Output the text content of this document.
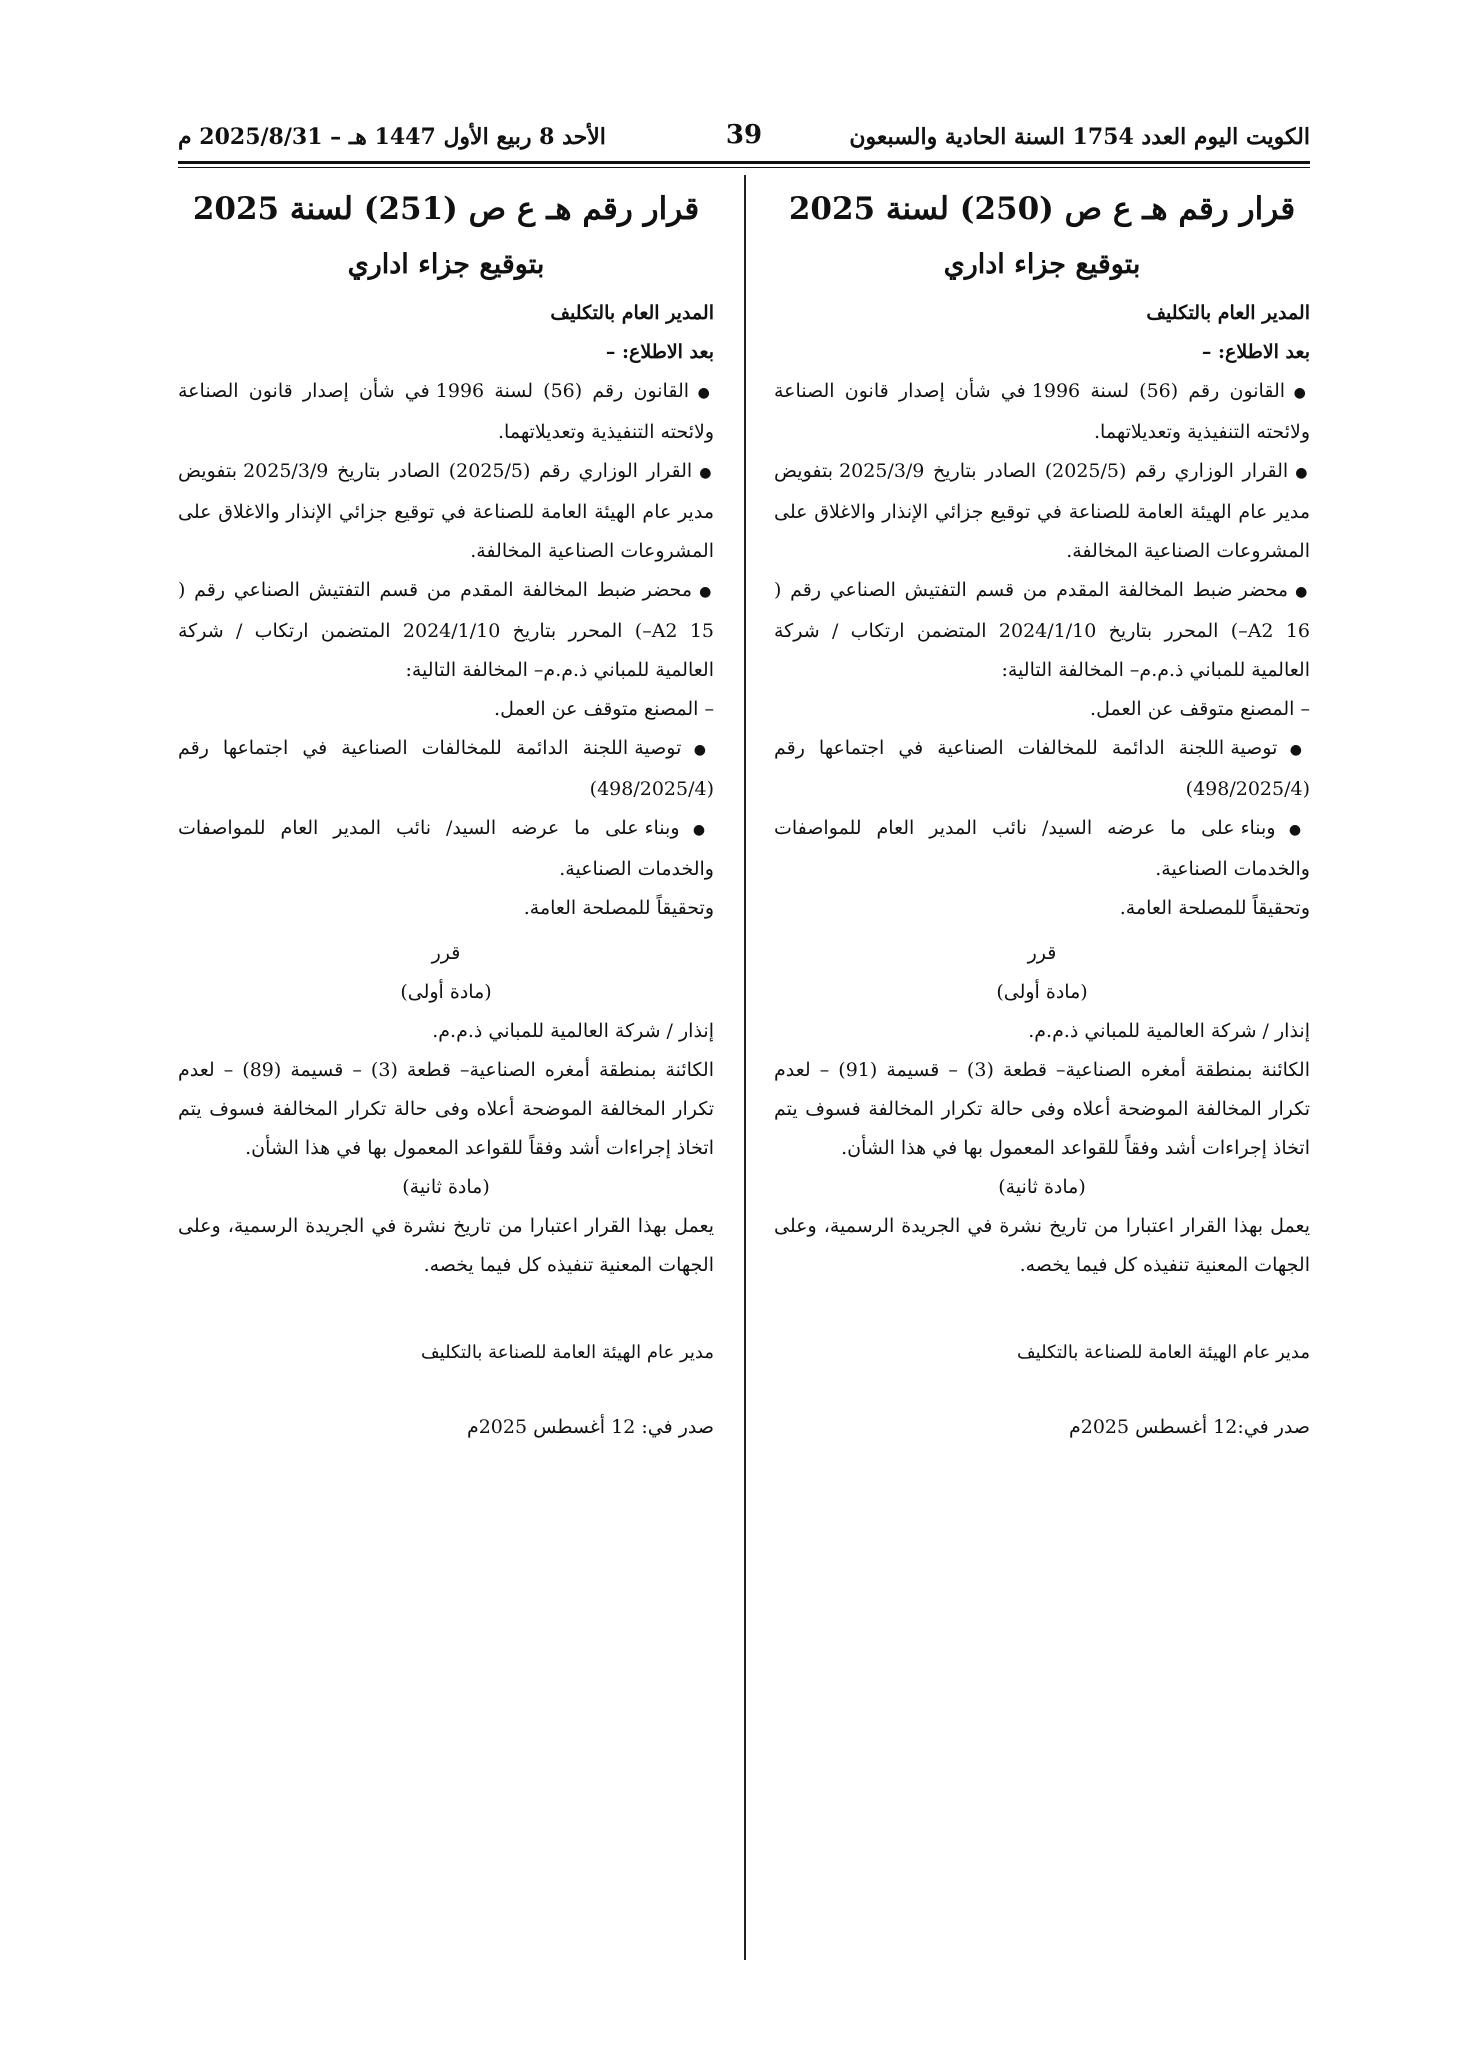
الكويت اليوم العدد 1754 السنة الحادية والسبعون
39
الأحد 8 ربيع الأول 1447 هـ – 2025/8/31 م
قرار رقم هـ ع ص (250) لسنة 2025
بتوقيع جزاء اداري

المدير العام بالتكليف

بعد الاطلاع: –

● القانون رقم (56) لسنة 1996 في شأن إصدار قانون الصناعة ولائحته التنفيذية وتعديلاتهما.

● القرار الوزاري رقم (2025/5) الصادر بتاريخ 2025/3/9 بتفويض مدير عام الهيئة العامة للصناعة في توقيع جزائي الإنذار والاغلاق على المشروعات الصناعية المخالفة.

● محضر ضبط المخالفة المقدم من قسم التفتيش الصناعي رقم ( A2 16–) المحرر بتاريخ 2024/1/10 المتضمن ارتكاب / شركة العالمية للمباني ذ.م.م– المخالفة التالية:

– المصنع متوقف عن العمل.

● توصية اللجنة الدائمة للمخالفات الصناعية في اجتماعها رقم (498/2025/4)

● وبناء على ما عرضه السيد/ نائب المدير العام للمواصفات والخدمات الصناعية.

وتحقيقاً للمصلحة العامة.

قرر

(مادة أولى)

إنذار / شركة العالمية للمباني ذ.م.م.

الكائنة بمنطقة أمغره الصناعية– قطعة (3) – قسيمة (91) – لعدم تكرار المخالفة الموضحة أعلاه وفى حالة تكرار المخالفة فسوف يتم اتخاذ إجراءات أشد وفقاً للقواعد المعمول بها في هذا الشأن.

(مادة ثانية)

يعمل بهذا القرار اعتبارا من تاريخ نشرة في الجريدة الرسمية، وعلى الجهات المعنية تنفيذه كل فيما يخصه.

مدير عام الهيئة العامة للصناعة بالتكليف

صدر في:12 أغسطس 2025م

قرار رقم هـ ع ص (251) لسنة 2025
بتوقيع جزاء اداري

المدير العام بالتكليف

بعد الاطلاع: –

● القانون رقم (56) لسنة 1996 في شأن إصدار قانون الصناعة ولائحته التنفيذية وتعديلاتهما.

● القرار الوزاري رقم (2025/5) الصادر بتاريخ 2025/3/9 بتفويض مدير عام الهيئة العامة للصناعة في توقيع جزائي الإنذار والاغلاق على المشروعات الصناعية المخالفة.

● محضر ضبط المخالفة المقدم من قسم التفتيش الصناعي رقم ( A2 15–) المحرر بتاريخ 2024/1/10 المتضمن ارتكاب / شركة العالمية للمباني ذ.م.م– المخالفة التالية:

– المصنع متوقف عن العمل.

● توصية اللجنة الدائمة للمخالفات الصناعية في اجتماعها رقم (498/2025/4)

● وبناء على ما عرضه السيد/ نائب المدير العام للمواصفات والخدمات الصناعية.

وتحقيقاً للمصلحة العامة.

قرر

(مادة أولى)

إنذار / شركة العالمية للمباني ذ.م.م.

الكائنة بمنطقة أمغره الصناعية– قطعة (3) – قسيمة (89) – لعدم تكرار المخالفة الموضحة أعلاه وفى حالة تكرار المخالفة فسوف يتم اتخاذ إجراءات أشد وفقاً للقواعد المعمول بها في هذا الشأن.

(مادة ثانية)

يعمل بهذا القرار اعتبارا من تاريخ نشرة في الجريدة الرسمية، وعلى الجهات المعنية تنفيذه كل فيما يخصه.

مدير عام الهيئة العامة للصناعة بالتكليف

صدر في: 12 أغسطس 2025م
